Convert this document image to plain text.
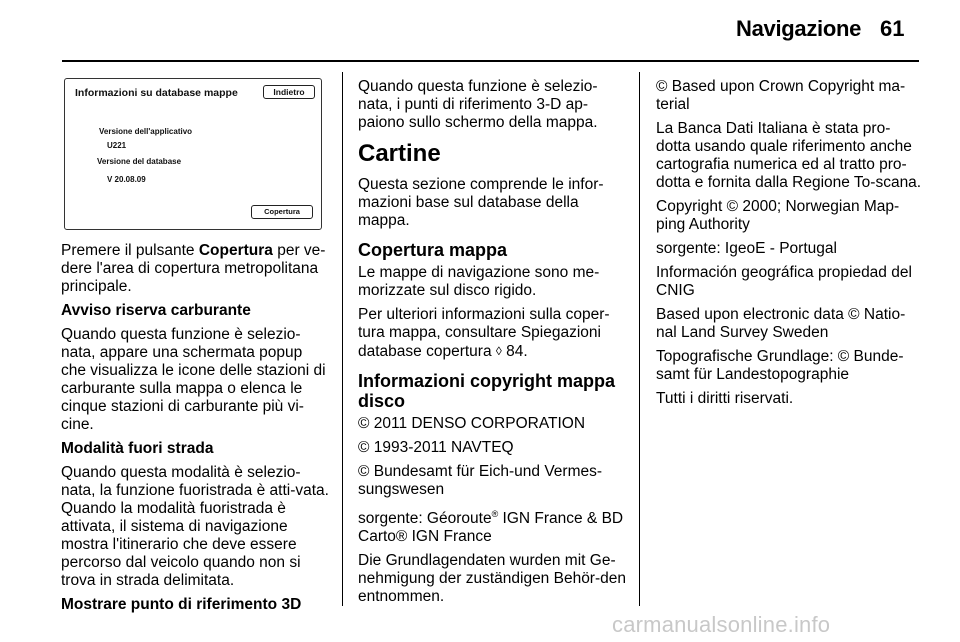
Navigazione 61
Informazioni su database mappe	Indietro
Versione dell'applicativo
U221
Versione del database
V 20.08.09
Copertura

Premere il pulsante Copertura per ve-dere l'area di copertura metropolitana principale.

Avviso riserva carburante

Quando questa funzione è selezio-nata, appare una schermata popup che visualizza le icone delle stazioni di carburante sulla mappa o elenca le cinque stazioni di carburante più vi-cine.

Modalità fuori strada

Quando questa modalità è selezio-nata, la funzione fuoristrada è atti-vata. Quando la modalità fuoristrada è attivata, il sistema di navigazione mostra l'itinerario che deve essere percorso dal veicolo quando non si trova in strada delimitata.

Mostrare punto di riferimento 3D

Quando questa funzione è selezio-nata, i punti di riferimento 3-D ap-paiono sullo schermo della mappa.

Cartine

Questa sezione comprende le infor-mazioni base sul database della mappa.

Copertura mappa

Le mappe di navigazione sono me-morizzate sul disco rigido.

Per ulteriori informazioni sulla coper-tura mappa, consultare Spiegazioni database copertura ◊ 84.

Informazioni copyright mappa disco

© 2011 DENSO CORPORATION

© 1993-2011 NAVTEQ

© Bundesamt für Eich-und Vermes-sungswesen

sorgente: Géoroute® IGN France & BD Carto® IGN France

Die Grundlagendaten wurden mit Ge-nehmigung der zuständigen Behör-den entnommen.

© Based upon Crown Copyright ma-terial

La Banca Dati Italiana è stata pro-dotta usando quale riferimento anche cartografia numerica ed al tratto pro-dotta e fornita dalla Regione To-scana.

Copyright © 2000; Norwegian Map-ping Authority

sorgente: IgeoE - Portugal

Información geográfica propiedad del CNIG

Based upon electronic data © Natio-nal Land Survey Sweden

Topografische Grundlage: © Bunde-samt für Landestopographie

Tutti i diritti riservati.

carmanualsonline.info
